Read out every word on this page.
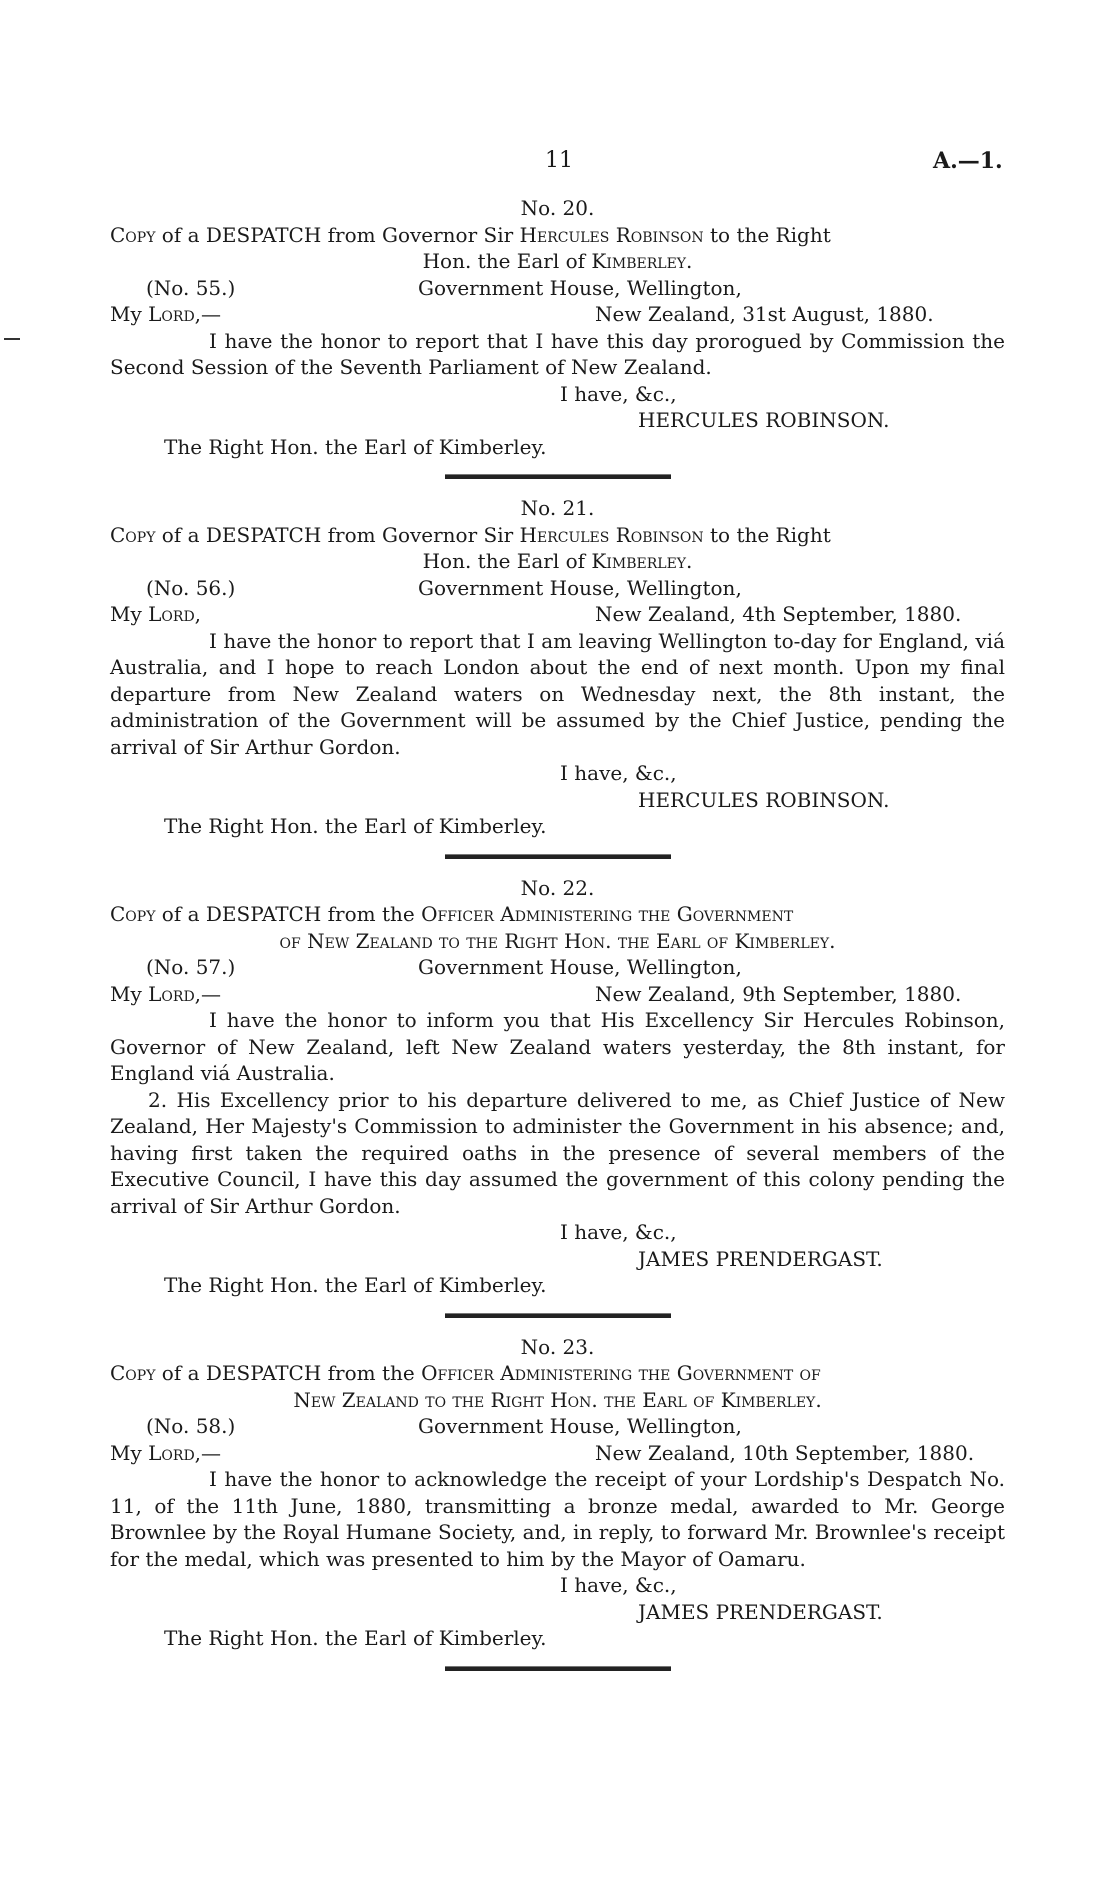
11	A.—1.

No. 20.

Copy of a DESPATCH from Governor Sir Hercules Robinson to the Right
Hon. the Earl of Kimberley.

(No. 55.)	Government House, Wellington,

My Lord,—	New Zealand, 31st August, 1880.

I have the honor to report that I have this day prorogued by Commission the Second Session of the Seventh Parliament of New Zealand.

I have, &c.,

HERCULES ROBINSON.

The Right Hon. the Earl of Kimberley.

No. 21.

Copy of a DESPATCH from Governor Sir Hercules Robinson to the Right
Hon. the Earl of Kimberley.

(No. 56.)	Government House, Wellington,

My Lord,	New Zealand, 4th September, 1880.

I have the honor to report that I am leaving Wellington to-day for England, viá Australia, and I hope to reach London about the end of next month. Upon my final departure from New Zealand waters on Wednesday next, the 8th instant, the administration of the Government will be assumed by the Chief Justice, pending the arrival of Sir Arthur Gordon.

I have, &c.,

HERCULES ROBINSON.

The Right Hon. the Earl of Kimberley.

No. 22.

Copy of a DESPATCH from the Officer Administering the Government
of New Zealand to the Right Hon. the Earl of Kimberley.

(No. 57.)	Government House, Wellington,

My Lord,—	New Zealand, 9th September, 1880.

I have the honor to inform you that His Excellency Sir Hercules Robinson, Governor of New Zealand, left New Zealand waters yesterday, the 8th instant, for England viá Australia.

2. His Excellency prior to his departure delivered to me, as Chief Justice of New Zealand, Her Majesty's Commission to administer the Government in his absence; and, having first taken the required oaths in the presence of several members of the Executive Council, I have this day assumed the government of this colony pending the arrival of Sir Arthur Gordon.

I have, &c.,

JAMES PRENDERGAST.

The Right Hon. the Earl of Kimberley.

No. 23.

Copy of a DESPATCH from the Officer Administering the Government of
New Zealand to the Right Hon. the Earl of Kimberley.

(No. 58.)	Government House, Wellington,

My Lord,—	New Zealand, 10th September, 1880.

I have the honor to acknowledge the receipt of your Lordship's Despatch No. 11, of the 11th June, 1880, transmitting a bronze medal, awarded to Mr. George Brownlee by the Royal Humane Society, and, in reply, to forward Mr. Brownlee's receipt for the medal, which was presented to him by the Mayor of Oamaru.

I have, &c.,

JAMES PRENDERGAST.

The Right Hon. the Earl of Kimberley.
